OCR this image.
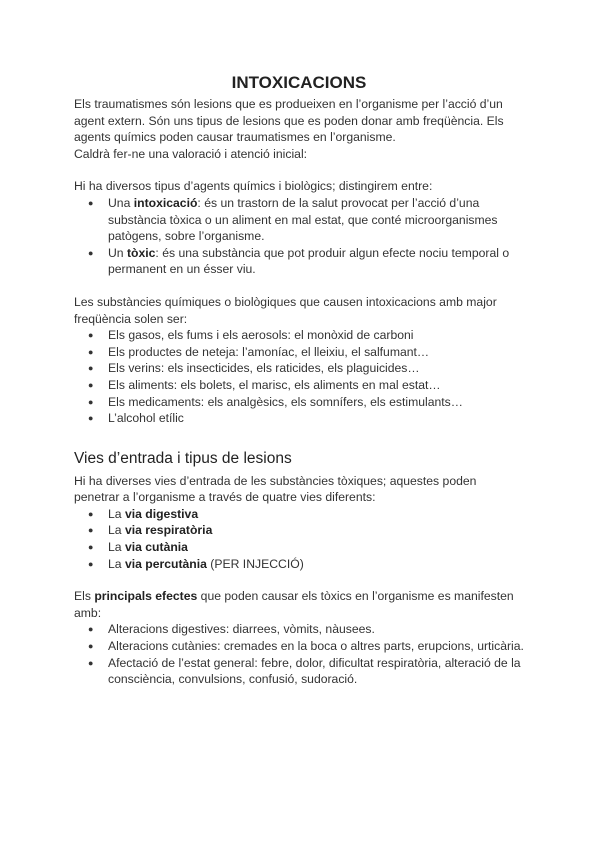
INTOXICACIONS

Els traumatismes són lesions que es produeixen en l’organisme per l’acció d’un agent extern. Són uns tipus de lesions que es poden donar amb freqüència. Els agents químics poden causar traumatismes en l’organisme.

Caldrà fer-ne una valoració i atenció inicial:

Hi ha diversos tipus d’agents químics i biològics; distingirem entre:

● Una intoxicació: és un trastorn de la salut provocat per l’acció d’una substància tòxica o un aliment en mal estat, que conté microorganismes patògens, sobre l’organisme.
● Un tòxic: és una substància que pot produir algun efecte nociu temporal o permanent en un ésser viu.

Les substàncies químiques o biològiques que causen intoxicacions amb major freqüència solen ser:

● Els gasos, els fums i els aerosols: el monòxid de carboni
● Els productes de neteja: l’amoníac, el lleixiu, el salfumant…
● Els verins: els insecticides, els raticides, els plaguicides…
● Els aliments: els bolets, el marisc, els aliments en mal estat…
● Els medicaments: els analgèsics, els somnífers, els estimulants…
● L’alcohol etílic
Vies d’entrada i tipus de lesions

Hi ha diverses vies d’entrada de les substàncies tòxiques; aquestes poden penetrar a l’organisme a través de quatre vies diferents:

● La via digestiva
● La via respiratòria
● La via cutània
● La via percutània (PER INJECCIÓ)

Els principals efectes que poden causar els tòxics en l’organisme es manifesten amb:

● Alteracions digestives: diarrees, vòmits, nàusees.
● Alteracions cutànies: cremades en la boca o altres parts, erupcions, urticària.
● Afectació de l’estat general: febre, dolor, dificultat respiratòria, alteració de la consciència, convulsions, confusió, sudoració.
